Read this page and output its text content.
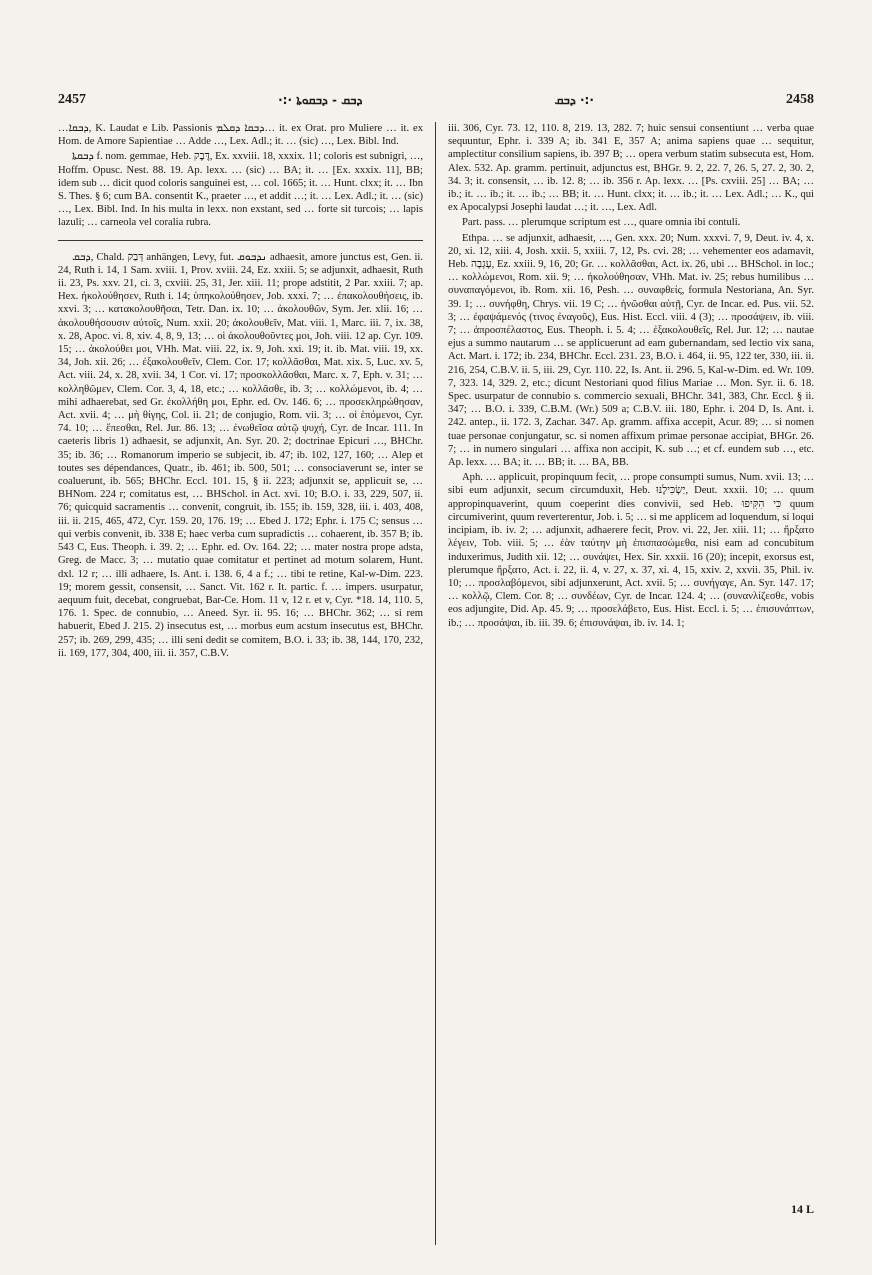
2457	ܕܒܩ - ܕܒܩܘܬܐ ·:·	·:· ܕܒܩ	2458

…ܕܒܩܐ, K. Laudat e Lib. Passionis ܕܒܩܐ ܕܩܠܡ… it. ex Orat. pro Muliere … it. ex Hom. de Amore Sapientiae … Adde …, Lex. Adl.; it. … (sic) …, Lex. Bibl. Ind.

ܕܒܩܬܐ f. nom. gemmae, Heb. דֶּבֶק, Ex. xxviii. 18, xxxix. 11; coloris est subnigri, …, Hoffm. Opusc. Nest. 88. 19. Ap. lexx. … (sic) … BA; it. … [Ex. xxxix. 11], BB; idem sub … dicit quod coloris sanguinei est, … col. 1665; it. … Hunt. clxx; it. … Ibn S. Thes. § 6; cum BA. consentit K., praeter …, et addit …; it. … Lex. Adl.; it. … (sic) …, Lex. Bibl. Ind. In his multa in lexx. non exstant, sed … forte sit turcois; … lapis lazuli; … carneola vel coralia rubra.

ܕܒܩ, Chald. דְּבַק anhängen, Levy, fut. ܢܕܒܘܩ adhaesit, amore junctus est, Gen. ii. 24, Ruth i. 14, 1 Sam. xviii. 1, Prov. xviii. 24, Ez. xxiii. 5; se adjunxit, adhaesit, Ruth ii. 23, Ps. xxv. 21, ci. 3, cxviii. 25, 31, Jer. xiii. 11; prope adstitit, 2 Par. xxiii. 7; ap. Hex. ἠκολούθησεν, Ruth i. 14; ὑπηκολούθησεν, Job. xxxi. 7; … ἐπακολουθήσεις, ib. xxvi. 3; … κατακολουθῆσαι, Tetr. Dan. ix. 10; … ἀκολουθῶν, Sym. Jer. xlii. 16; … ἀκολουθήσουσιν αὐτοῖς, Num. xxii. 20; ἀκολουθεῖν, Mat. viii. 1, Marc. iii. 7, ix. 38, x. 28, Apoc. vi. 8, xiv. 4, 8, 9, 13; … οἱ ἀκολουθοῦντες μοι, Joh. viii. 12 ap. Cyr. 109. 15; … ἀκολούθει μοι, VHh. Mat. viii. 22, ix. 9, Joh. xxi. 19; it. ib. Mat. viii. 19, xx. 34, Joh. xii. 26; … ἐξακολουθεῖν, Clem. Cor. 17; κολλᾶσθαι, Mat. xix. 5, Luc. xv. 5, Act. viii. 24, x. 28, xvii. 34, 1 Cor. vi. 17; προσκολλᾶσθαι, Marc. x. 7, Eph. v. 31; … κολληθῶμεν, Clem. Cor. 3, 4, 18, etc.; … κολλᾶσθε, ib. 3; … κολλώμενοι, ib. 4; … mihi adhaerebat, sed Gr. ἐκολλήθη μοι, Ephr. ed. Ov. 146. 6; … προσεκληρώθησαν, Act. xvii. 4; … μὴ θίγης, Col. ii. 21; de conjugio, Rom. vii. 3; … οἱ ἑπόμενοι, Cyr. 74. 10; … ἕπεσθαι, Rel. Jur. 86. 13; … ἐνωθεῖσα αὐτῷ ψυχή, Cyr. de Incar. 111. In caeteris libris 1) adhaesit, se adjunxit, An. Syr. 20. 2; doctrinae Epicuri …, BHChr. 35; ib. 36; … Romanorum imperio se subjecit, ib. 47; ib. 102, 127, 160; … Alep et toutes ses dépendances, Quatr., ib. 461; ib. 500, 501; … consociaverunt se, inter se coaluerunt, ib. 565; BHChr. Eccl. 101. 15, § ii. 223; adjunxit se, applicuit se, … BHNom. 224 r; comitatus est, … BHSchol. in Act. xvi. 10; B.O. i. 33, 229, 507, ii. 76; quicquid sacramentis … convenit, congruit, ib. 155; ib. 159, 328, iii. i. 403, 408, iii. ii. 215, 465, 472, Cyr. 159. 20, 176. 19; … Ebed J. 172; Ephr. i. 175 C; sensus … qui verbis convenit, ib. 338 E; haec verba cum supradictis … cohaerent, ib. 357 B; ib. 543 C, Eus. Theoph. i. 39. 2; … Ephr. ed. Ov. 164. 22; … mater nostra prope adsta, Greg. de Macc. 3; … mutatio quae comitatur et pertinet ad motum solarem, Hunt. dxl. 12 r; … illi adhaere, Is. Ant. i. 138. 6, 4 a f.; … tibi te retine, Kal-w-Dim. 223. 19; morem gessit, consensit, … Sanct. Vit. 162 r. It. partic. f. … impers. usurpatur, aequum fuit, decebat, congruebat, Bar-Ce. Hom. 11 v, 12 r. et v, Cyr. *18. 14, 110. 5, 176. 1. Spec. de connubio, … Aneed. Syr. ii. 95. 16; … BHChr. 362; … si rem habuerit, Ebed J. 215. 2) insecutus est, … morbus eum acstum insecutus est, BHChr. 257; ib. 269, 299, 435; … illi seni dedit se comitem, B.O. i. 33; ib. 38, 144, 170, 232, ii. 169, 177, 304, 400, iii. ii. 357, C.B.V.

iii. 306, Cyr. 73. 12, 110. 8, 219. 13, 282. 7; huic sensui consentiunt … verba quae sequuntur, Ephr. i. 339 A; ib. 341 E, 357 A; anima sapiens quae … sequitur, amplectitur consilium sapiens, ib. 397 B; … opera verbum statim subsecuta est, Hom. Alex. 532. Ap. gramm. pertinuit, adjunctus est, BHGr. 9. 2, 22. 7, 26. 5, 27. 2, 30. 2, 34. 3; it. consensit, … ib. 12. 8; … ib. 356 r. Ap. lexx. … [Ps. cxviii. 25] … BA; … ib.; it. … ib.; it. … ib.; … BB; it. … Hunt. clxx; it. … ib.; it. … Lex. Adl.; … K., qui ex Apocalypsi Josephi laudat …; it. …, Lex. Adl.

Part. pass. … plerumque scriptum est …, quare omnia ibi contuli.

Ethpa. … se adjunxit, adhaesit, …, Gen. xxx. 20; Num. xxxvi. 7, 9, Deut. iv. 4, x. 20, xi. 12, xiii. 4, Josh. xxii. 5, xxiii. 7, 12, Ps. cvi. 28; … vehementer eos adamavit, Heb. עָגְבָה, Ez. xxiii. 9, 16, 20; Gr. … κολλᾶσθαι, Act. ix. 26, ubi … BHSchol. in loc.; … κολλώμενοι, Rom. xii. 9; … ἠκολούθησαν, VHh. Mat. iv. 25; rebus humilibus … συναπαγόμενοι, ib. Rom. xii. 16, Pesh. … συναφθείς, formula Nestoriana, An. Syr. 39. 1; … συνήφθη, Chrys. vii. 19 C; … ἠνῶσθαι αὐτῇ, Cyr. de Incar. ed. Pus. vii. 52. 3; … ἐφαψάμενός (τινος ἐναγοῦς), Eus. Hist. Eccl. viii. 4 (3); … προσάψειν, ib. viii. 7; … ἀπροσπέλαστος, Eus. Theoph. i. 5. 4; … ἐξακολουθεῖς, Rel. Jur. 12; … nautae ejus a summo nautarum … se applicuerunt ad eam gubernandam, sed lectio vix sana, Act. Mart. i. 172; ib. 234, BHChr. Eccl. 231. 23, B.O. i. 464, ii. 95, 122 ter, 330, iii. ii. 216, 254, C.B.V. ii. 5, iii. 29, Cyr. 110. 22, Is. Ant. ii. 296. 5, Kal-w-Dim. ed. Wr. 109. 7, 323. 14, 329. 2, etc.; dicunt Nestoriani quod filius Mariae … Mon. Syr. ii. 6. 18. Spec. usurpatur de connubio s. commercio sexuali, BHChr. 341, 383, Chr. Eccl. § ii. 347; … B.O. i. 339, C.B.M. (Wr.) 509 a; C.B.V. iii. 180, Ephr. i. 204 D, Is. Ant. i. 242. antep., ii. 172. 3, Zachar. 347. Ap. gramm. affixa accepit, Acur. 89; … si nomen tuae personae conjungatur, sc. si nomen affixum primae personae accipiat, BHGr. 26. 7; … in numero singulari … affixa non accipit, K. sub …; et cf. eundem sub …, etc. Ap. lexx. … BA; it. … BB; it. … BA, BB.

Aph. … applicuit, propinquum fecit, … prope consumpti sumus, Num. xvii. 13; … sibi eum adjunxit, secum circumduxit, Heb. יַשְׂכִּילֶנּוּ, Deut. xxxii. 10; … quum appropinquaverint, quum coeperint dies convivii, sed Heb. כִּי הִקִּיפוּ quum circumiverint, quum reverterentur, Job. i. 5; … si me applicem ad loquendum, si loqui incipiam, ib. iv. 2; … adjunxit, adhaerere fecit, Prov. vi. 22, Jer. xiii. 11; … ἤρξατο λέγειν, Tob. viii. 5; … ἐὰν ταύτην μὴ ἐπισπασώμεθα, nisi eam ad concubitum induxerimus, Judith xii. 12; … συνάψει, Hex. Sir. xxxii. 16 (20); incepit, exorsus est, plerumque ἤρξατο, Act. i. 22, ii. 4, v. 27, x. 37, xi. 4, 15, xxiv. 2, xxvii. 35, Phil. iv. 10; … προσλαβόμενοι, sibi adjunxerunt, Act. xvii. 5; … συνήγαγε, An. Syr. 147. 17; … κολλῷ, Clem. Cor. 8; … συνδέων, Cyr. de Incar. 124. 4; … (συνανλίζεσθε, vobis eos adjungite, Did. Ap. 45. 9; … προσελάβετο, Eus. Hist. Eccl. i. 5; … ἐπισυνάπτων, ib.; … προσάψαι, ib. iii. 39. 6; ἐπισυνάψαι, ib. iv. 14. 1;

14 L
